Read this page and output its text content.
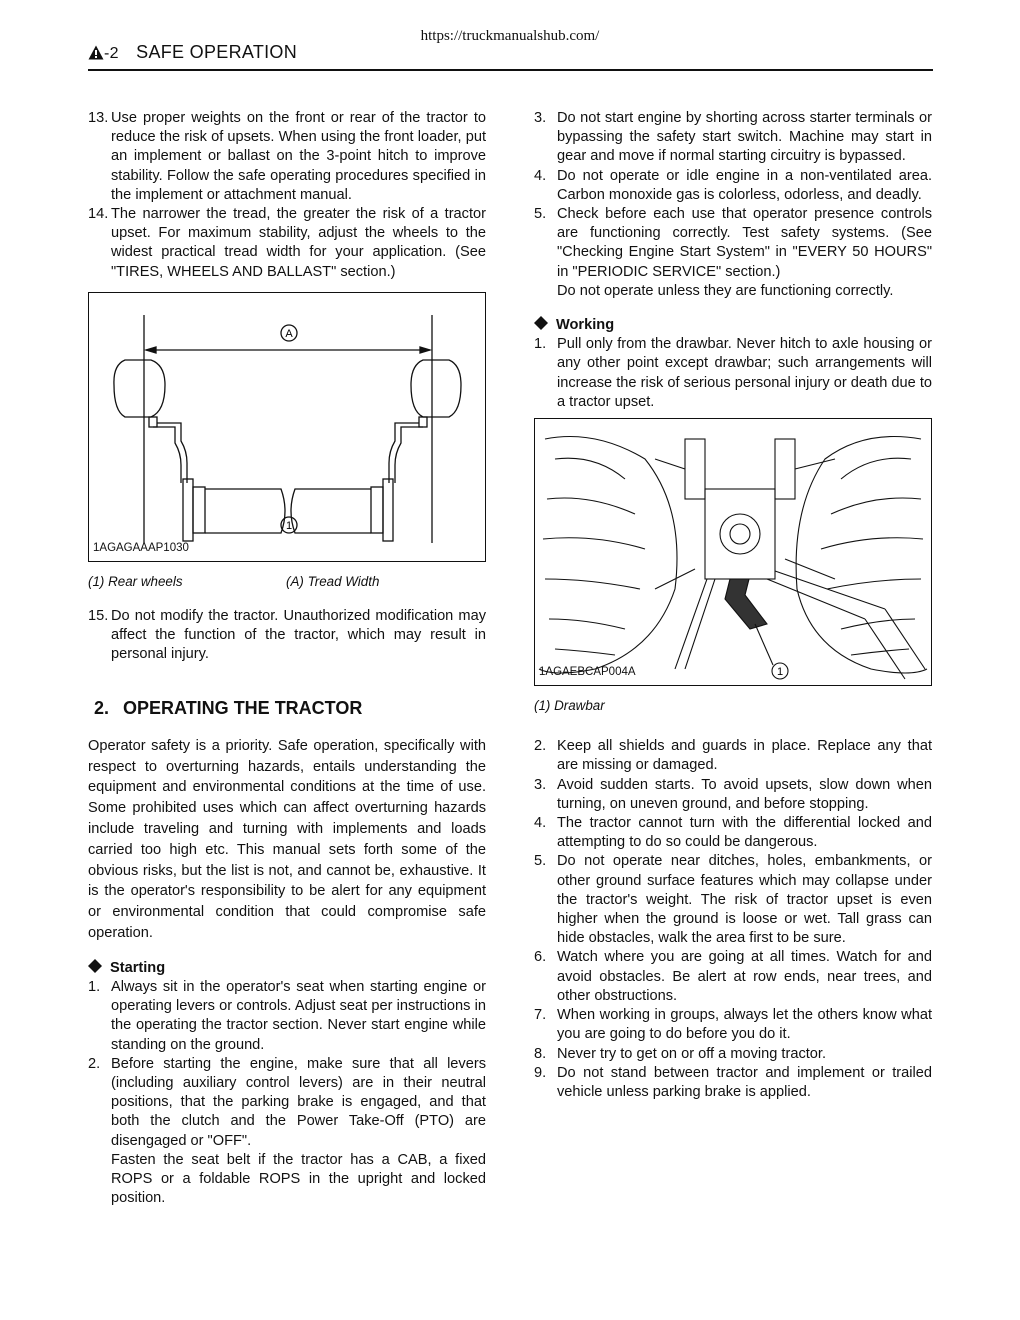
https://truckmanualshub.com/
-2 SAFE OPERATION
13. Use proper weights on the front or rear of the tractor to reduce the risk of upsets. When using the front loader, put an implement or ballast on the 3-point hitch to improve stability. Follow the safe operating procedures specified in the implement or attachment manual.
14. The narrower the tread, the greater the risk of a tractor upset. For maximum stability, adjust the wheels to the widest practical tread width for your application. (See "TIRES, WHEELS AND BALLAST" section.)
A
1
1AGAGAAAP1030
(1) Rear wheels	(A) Tread Width
15. Do not modify the tractor. Unauthorized modification may affect the function of the tractor, which may result in personal injury.
2. OPERATING THE TRACTOR
Operator safety is a priority. Safe operation, specifically with respect to overturning hazards, entails understanding the equipment and environmental conditions at the time of use. Some prohibited uses which can affect overturning hazards include traveling and turning with implements and loads carried too high etc. This manual sets forth some of the obvious risks, but the list is not, and cannot be, exhaustive. It is the operator's responsibility to be alert for any equipment or environmental condition that could compromise safe operation.
Starting
1. Always sit in the operator's seat when starting engine or operating levers or controls. Adjust seat per instructions in the operating the tractor section. Never start engine while standing on the ground.
2. Before starting the engine, make sure that all levers (including auxiliary control levers) are in their neutral positions, that the parking brake is engaged, and that both the clutch and the Power Take-Off (PTO) are disengaged or "OFF".
Fasten the seat belt if the tractor has a CAB, a fixed ROPS or a foldable ROPS in the upright and locked position.
3. Do not start engine by shorting across starter terminals or bypassing the safety start switch. Machine may start in gear and move if normal starting circuitry is bypassed.
4. Do not operate or idle engine in a non-ventilated area. Carbon monoxide gas is colorless, odorless, and deadly.
5. Check before each use that operator presence controls are functioning correctly. Test safety systems. (See "Checking Engine Start System" in "EVERY 50 HOURS" in "PERIODIC SERVICE" section.)
Do not operate unless they are functioning correctly.
Working
1. Pull only from the drawbar. Never hitch to axle housing or any other point except drawbar; such arrangements will increase the risk of serious personal injury or death due to a tractor upset.
1
1AGAEBCAP004A
(1) Drawbar
2. Keep all shields and guards in place. Replace any that are missing or damaged.
3. Avoid sudden starts. To avoid upsets, slow down when turning, on uneven ground, and before stopping.
4. The tractor cannot turn with the differential locked and attempting to do so could be dangerous.
5. Do not operate near ditches, holes, embankments, or other ground surface features which may collapse under the tractor's weight. The risk of tractor upset is even higher when the ground is loose or wet. Tall grass can hide obstacles, walk the area first to be sure.
6. Watch where you are going at all times. Watch for and avoid obstacles. Be alert at row ends, near trees, and other obstructions.
7. When working in groups, always let the others know what you are going to do before you do it.
8. Never try to get on or off a moving tractor.
9. Do not stand between tractor and implement or trailed vehicle unless parking brake is applied.
